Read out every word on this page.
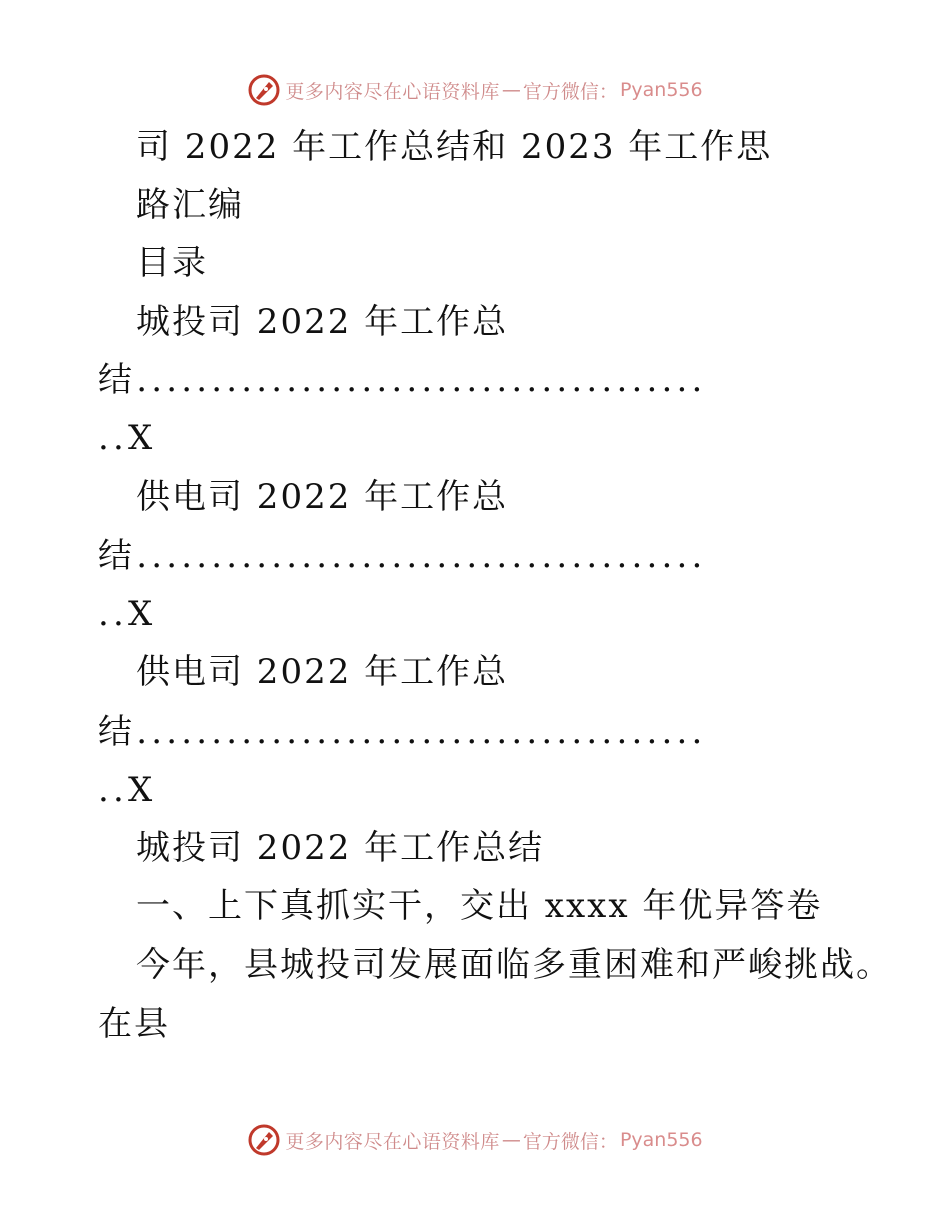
更多内容尽在心语资料库 — 官方微信： Pyan556
司 2022 年工作总结和 2023 年工作思
路汇编
目录
城投司 2022 年工作总
结......................................
..X
供电司 2022 年工作总
结......................................
..X
供电司 2022 年工作总
结......................................
..X
城投司 2022 年工作总结
一、上下真抓实干，交出 xxxx 年优异答卷
今年，县城投司发展面临多重困难和严峻挑战。
在县
更多内容尽在心语资料库 — 官方微信： Pyan556
